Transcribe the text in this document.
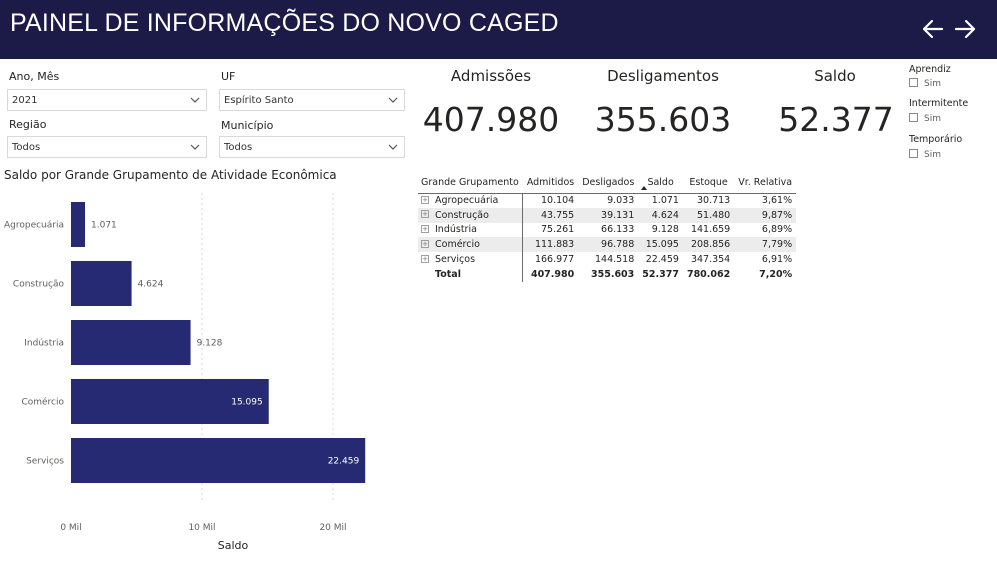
PAINEL DE INFORMAÇÕES DO NOVO CAGED
Ano, Mês
2021
UF
Espírito Santo
Região
Todos
Município
Todos
Admissões
407.980
Desligamentos
355.603
Saldo
52.377
Aprendiz
Sim
Intermitente
Sim
Temporário
Sim
Grande Grupamento	Admitidos	Desligados	Saldo	Estoque	Vr. Relativa
+ Agropecuária	10.104	9.033	1.071	30.713	3,61%
+ Construção	43.755	39.131	4.624	51.480	9,87%
+ Indústria	75.261	66.133	9.128	141.659	6,89%
+ Comércio	111.883	96.788	15.095	208.856	7,79%
+ Serviços	166.977	144.518	22.459	347.354	6,91%
Total	407.980	355.603	52.377	780.062	7,20%
Saldo por Grande Grupamento de Atividade Econômica
0 Mil	10 Mil	20 Mil
Agropecuária	1.071
Construção	4.624
Indústria	9.128
Comércio	15.095
Serviços	22.459
Saldo
